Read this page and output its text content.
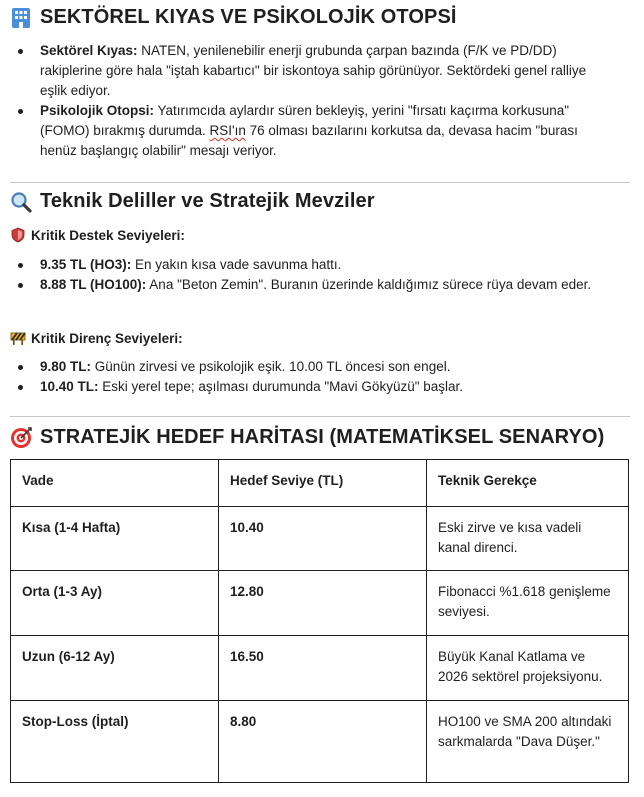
SEKTÖREL KIYAS VE PSİKOLOJİK OTOPSİ
Sektörel Kıyas: NATEN, yenilenebilir enerji grubunda çarpan bazında (F/K ve PD/DD) rakiplerine göre hala "iştah kabartıcı" bir iskontoya sahip görünüyor. Sektördeki genel ralliye eşlik ediyor.
Psikolojik Otopsi: Yatırımcıda aylardır süren bekleyiş, yerini "fırsatı kaçırma korkusuna" (FOMO) bırakmış durumda. RSI'ın 76 olması bazılarını korkutsa da, devasa hacim "burası henüz başlangıç olabilir" mesajı veriyor.
Teknik Deliller ve Stratejik Mevziler
Kritik Destek Seviyeleri:
9.35 TL (HO3): En yakın kısa vade savunma hattı.
8.88 TL (HO100): Ana "Beton Zemin". Buranın üzerinde kaldığımız sürece rüya devam eder.
Kritik Direnç Seviyeleri:
9.80 TL: Günün zirvesi ve psikolojik eşik. 10.00 TL öncesi son engel.
10.40 TL: Eski yerel tepe; aşılması durumunda "Mavi Gökyüzü" başlar.
STRATEJİK HEDEF HARİTASI (MATEMATİKSEL SENARYO)
Vade	Hedef Seviye (TL)	Teknik Gerekçe
Kısa (1-4 Hafta)	10.40	Eski zirve ve kısa vadeli kanal direnci.
Orta (1-3 Ay)	12.80	Fibonacci %1.618 genişleme seviyesi.
Uzun (6-12 Ay)	16.50	Büyük Kanal Katlama ve 2026 sektörel projeksiyonu.
Stop-Loss (İptal)	8.80	HO100 ve SMA 200 altındaki sarkmalarda "Dava Düşer."
